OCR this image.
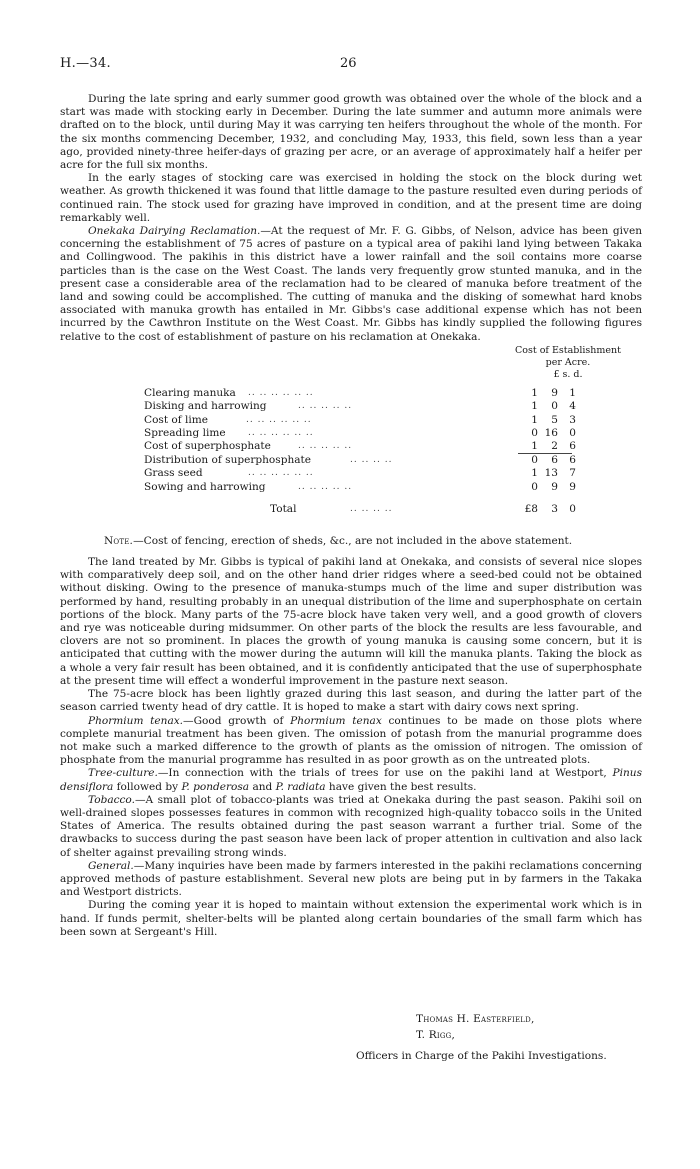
H.—34.	26

During the late spring and early summer good growth was obtained over the whole of the block and a start was made with stocking early in December. During the late summer and autumn more animals were drafted on to the block, until during May it was carrying ten heifers throughout the whole of the month. For the six months commencing December, 1932, and concluding May, 1933, this field, sown less than a year ago, provided ninety-three heifer-days of grazing per acre, or an average of approximately half a heifer per acre for the full six months.

In the early stages of stocking care was exercised in holding the stock on the block during wet weather. As growth thickened it was found that little damage to the pasture resulted even during periods of continued rain. The stock used for grazing have improved in condition, and at the present time are doing remarkably well.

Onekaka Dairying Reclamation.—At the request of Mr. F. G. Gibbs, of Nelson, advice has been given concerning the establishment of 75 acres of pasture on a typical area of pakihi land lying between Takaka and Collingwood. The pakihis in this district have a lower rainfall and the soil contains more coarse particles than is the case on the West Coast. The lands very frequently grow stunted manuka, and in the present case a considerable area of the reclamation had to be cleared of manuka before treatment of the land and sowing could be accomplished. The cutting of manuka and the disking of somewhat hard knobs associated with manuka growth has entailed in Mr. Gibbs's case additional expense which has not been incurred by the Cawthron Institute on the West Coast. Mr. Gibbs has kindly supplied the following figures relative to the cost of establishment of pasture on his reclamation at Onekaka.

Cost of Establishment
per Acre.
£ s. d.
Clearing manuka .. .. .. .. .. ..	1	9	1
Disking and harrowing	.. .. .. .. ..	1	0	4
Cost of lime	.. .. .. .. .. ..	1	5	3
Spreading lime .. .. .. .. .. ..	0 16	0
Cost of superphosphate	.. .. .. .. ..	1	2	6
Distribution of superphosphate	.. .. .. ..	0	6	6
Grass seed	.. .. .. .. .. ..	1 13	7
Sowing and harrowing	.. .. .. .. ..	0	9	9
Total	.. .. .. ..	£8	3	0

Note.—Cost of fencing, erection of sheds, &c., are not included in the above statement.

The land treated by Mr. Gibbs is typical of pakihi land at Onekaka, and consists of several nice slopes with comparatively deep soil, and on the other hand drier ridges where a seed-bed could not be obtained without disking. Owing to the presence of manuka-stumps much of the lime and super distribution was performed by hand, resulting probably in an unequal distribution of the lime and superphosphate on certain portions of the block. Many parts of the 75-acre block have taken very well, and a good growth of clovers and rye was noticeable during midsummer. On other parts of the block the results are less favourable, and clovers are not so prominent. In places the growth of young manuka is causing some concern, but it is anticipated that cutting with the mower during the autumn will kill the manuka plants. Taking the block as a whole a very fair result has been obtained, and it is confidently anticipated that the use of superphosphate at the present time will effect a wonderful improvement in the pasture next season.

The 75-acre block has been lightly grazed during this last season, and during the latter part of the season carried twenty head of dry cattle. It is hoped to make a start with dairy cows next spring.

Phormium tenax.—Good growth of Phormium tenax continues to be made on those plots where complete manurial treatment has been given. The omission of potash from the manurial programme does not make such a marked difference to the growth of plants as the omission of nitrogen. The omission of phosphate from the manurial programme has resulted in as poor growth as on the untreated plots.

Tree-culture.—In connection with the trials of trees for use on the pakihi land at Westport, Pinus densiflora followed by P. ponderosa and P. radiata have given the best results.

Tobacco.—A small plot of tobacco-plants was tried at Onekaka during the past season. Pakihi soil on well-drained slopes possesses features in common with recognized high-quality tobacco soils in the United States of America. The results obtained during the past season warrant a further trial. Some of the drawbacks to success during the past season have been lack of proper attention in cultivation and also lack of shelter against prevailing strong winds.

General.—Many inquiries have been made by farmers interested in the pakihi reclamations concerning approved methods of pasture establishment. Several new plots are being put in by farmers in the Takaka and Westport districts.

During the coming year it is hoped to maintain without extension the experimental work which is in hand. If funds permit, shelter-belts will be planted along certain boundaries of the small farm which has been sown at Sergeant's Hill.

Thomas H. Easterfield,
T. Rigg,
Officers in Charge of the Pakihi Investigations.
